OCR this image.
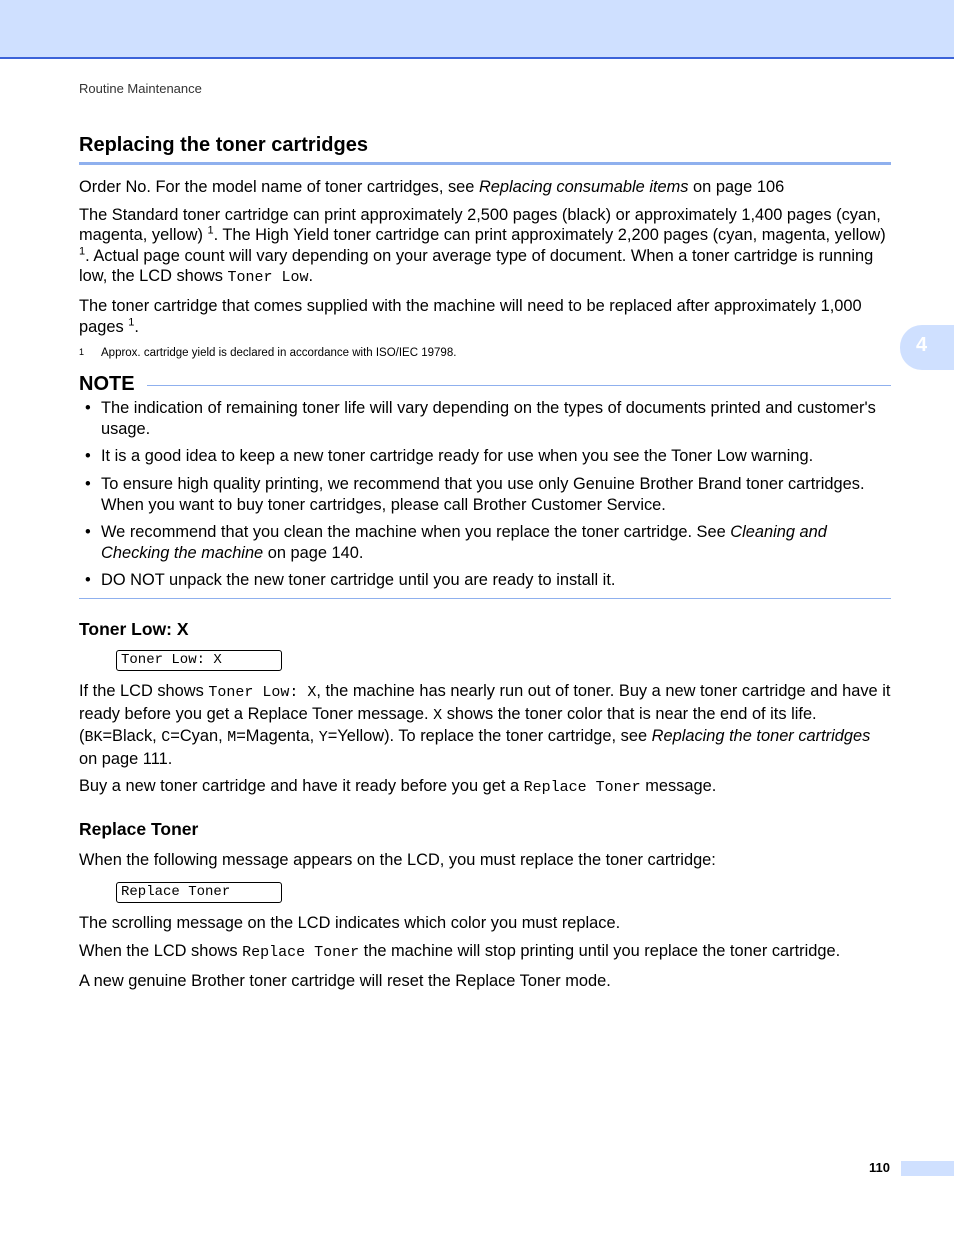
Routine Maintenance
4
Replacing the toner cartridges

Order No. For the model name of toner cartridges, see Replacing consumable items on page 106

The Standard toner cartridge can print approximately 2,500 pages (black) or approximately 1,400 pages (cyan, magenta, yellow) $^1$. The High Yield toner cartridge can print approximately 2,200 pages (cyan, magenta, yellow) $^1$. Actual page count will vary depending on your average type of document. When a toner cartridge is running low, the LCD shows Toner Low.

The toner cartridge that comes supplied with the machine will need to be replaced after approximately 1,000 pages $^1$.

1	Approx. cartridge yield is declared in accordance with ISO/IEC 19798.
NOTE
• The indication of remaining toner life will vary depending on the types of documents printed and customer's usage.
• It is a good idea to keep a new toner cartridge ready for use when you see the Toner Low warning.
• To ensure high quality printing, we recommend that you use only Genuine Brother Brand toner cartridges. When you want to buy toner cartridges, please call Brother Customer Service.
• We recommend that you clean the machine when you replace the toner cartridge. See Cleaning and Checking the machine on page 140.
• DO NOT unpack the new toner cartridge until you are ready to install it.
Toner Low: X
Toner Low: X

If the LCD shows Toner Low: X, the machine has nearly run out of toner. Buy a new toner cartridge and have it ready before you get a Replace Toner message. X shows the toner color that is near the end of its life. (BK=Black, C=Cyan, M=Magenta, Y=Yellow). To replace the toner cartridge, see Replacing the toner cartridges on page 111.

Buy a new toner cartridge and have it ready before you get a Replace Toner message.

Replace Toner

When the following message appears on the LCD, you must replace the toner cartridge:

Replace Toner

The scrolling message on the LCD indicates which color you must replace.

When the LCD shows Replace Toner the machine will stop printing until you replace the toner cartridge.

A new genuine Brother toner cartridge will reset the Replace Toner mode.

110
